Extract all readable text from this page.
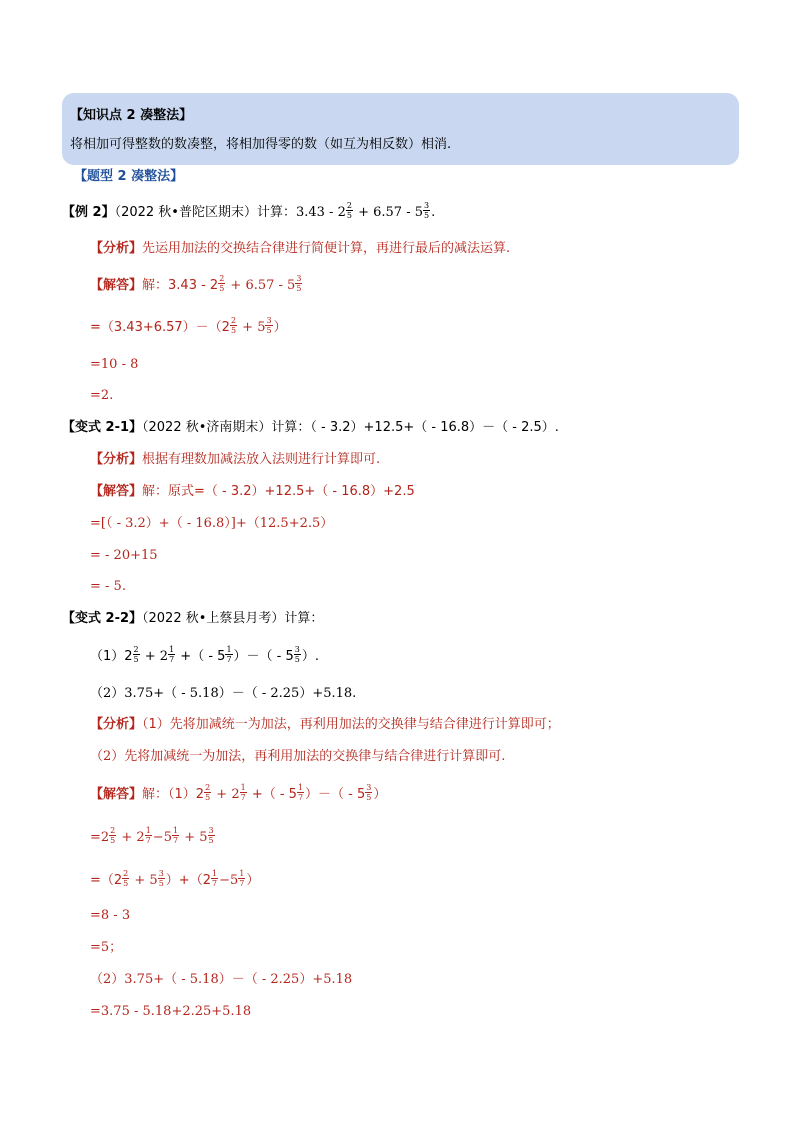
【知识点 2 凑整法】
将相加可得整数的数凑整，将相加得零的数（如互为相反数）相消.
【题型 2 凑整法】
【例 2】（2022 秋•普陀区期末）计算：$3.43 - 2 \frac{2}{5} + 6.57 - 5 \frac{3}{5}$ .
【分析】先运用加法的交换结合律进行简便计算，再进行最后的减法运算.
【解答】解：$3.43 - 2 \frac{2}{5} + 6.57 - 5 \frac{3}{5}$
$=(3.43+6.57)-(2 \frac{2}{5} + 5 \frac{3}{5}$ ）
=10 - 8
=2.
【变式 2-1】（2022 秋•济南期末）计算：（ - 3.2）+12.5+（ - 16.8）－（ - 2.5）.
【分析】根据有理数加减法放入法则进行计算即可.
【解答】解：原式=（ - 3.2）+12.5+（ - 16.8）+2.5
=[（ - 3.2）+（ - 16.8）]+（12.5+2.5）
= - 20+15
= - 5.
【变式 2-2】（2022 秋•上蔡县月考）计算：
$(1)2 \frac{2}{5} + 2 \frac{1}{7}$ +（ - $5 \frac{1}{7}$ ）－（ - $5 \frac{3}{5}$ ）.
（2）3.75+（ - 5.18）－（ - 2.25）+5.18.
【分析】（1）先将加减统一为加法，再利用加法的交换律与结合律进行计算即可；
（2）先将加减统一为加法，再利用加法的交换律与结合律进行计算即可.
【解答】解：$(1)2 \frac{2}{5} + 2 \frac{1}{7}$ +（ - $5 \frac{1}{7}$ ）－（ - $5 \frac{3}{5}$ ）
$=2 \frac{2}{5} + 2 \frac{1}{7} -5 \frac{1}{7} + 5 \frac{3}{5}$
$=(2 \frac{2}{5} + 5 \frac{3}{5} )+(2 \frac{1}{7} -5 \frac{1}{7}$ ）
=8 - 3
=5；
（2）3.75+（ - 5.18）－（ - 2.25）+5.18
=3.75 - 5.18+2.25+5.18
